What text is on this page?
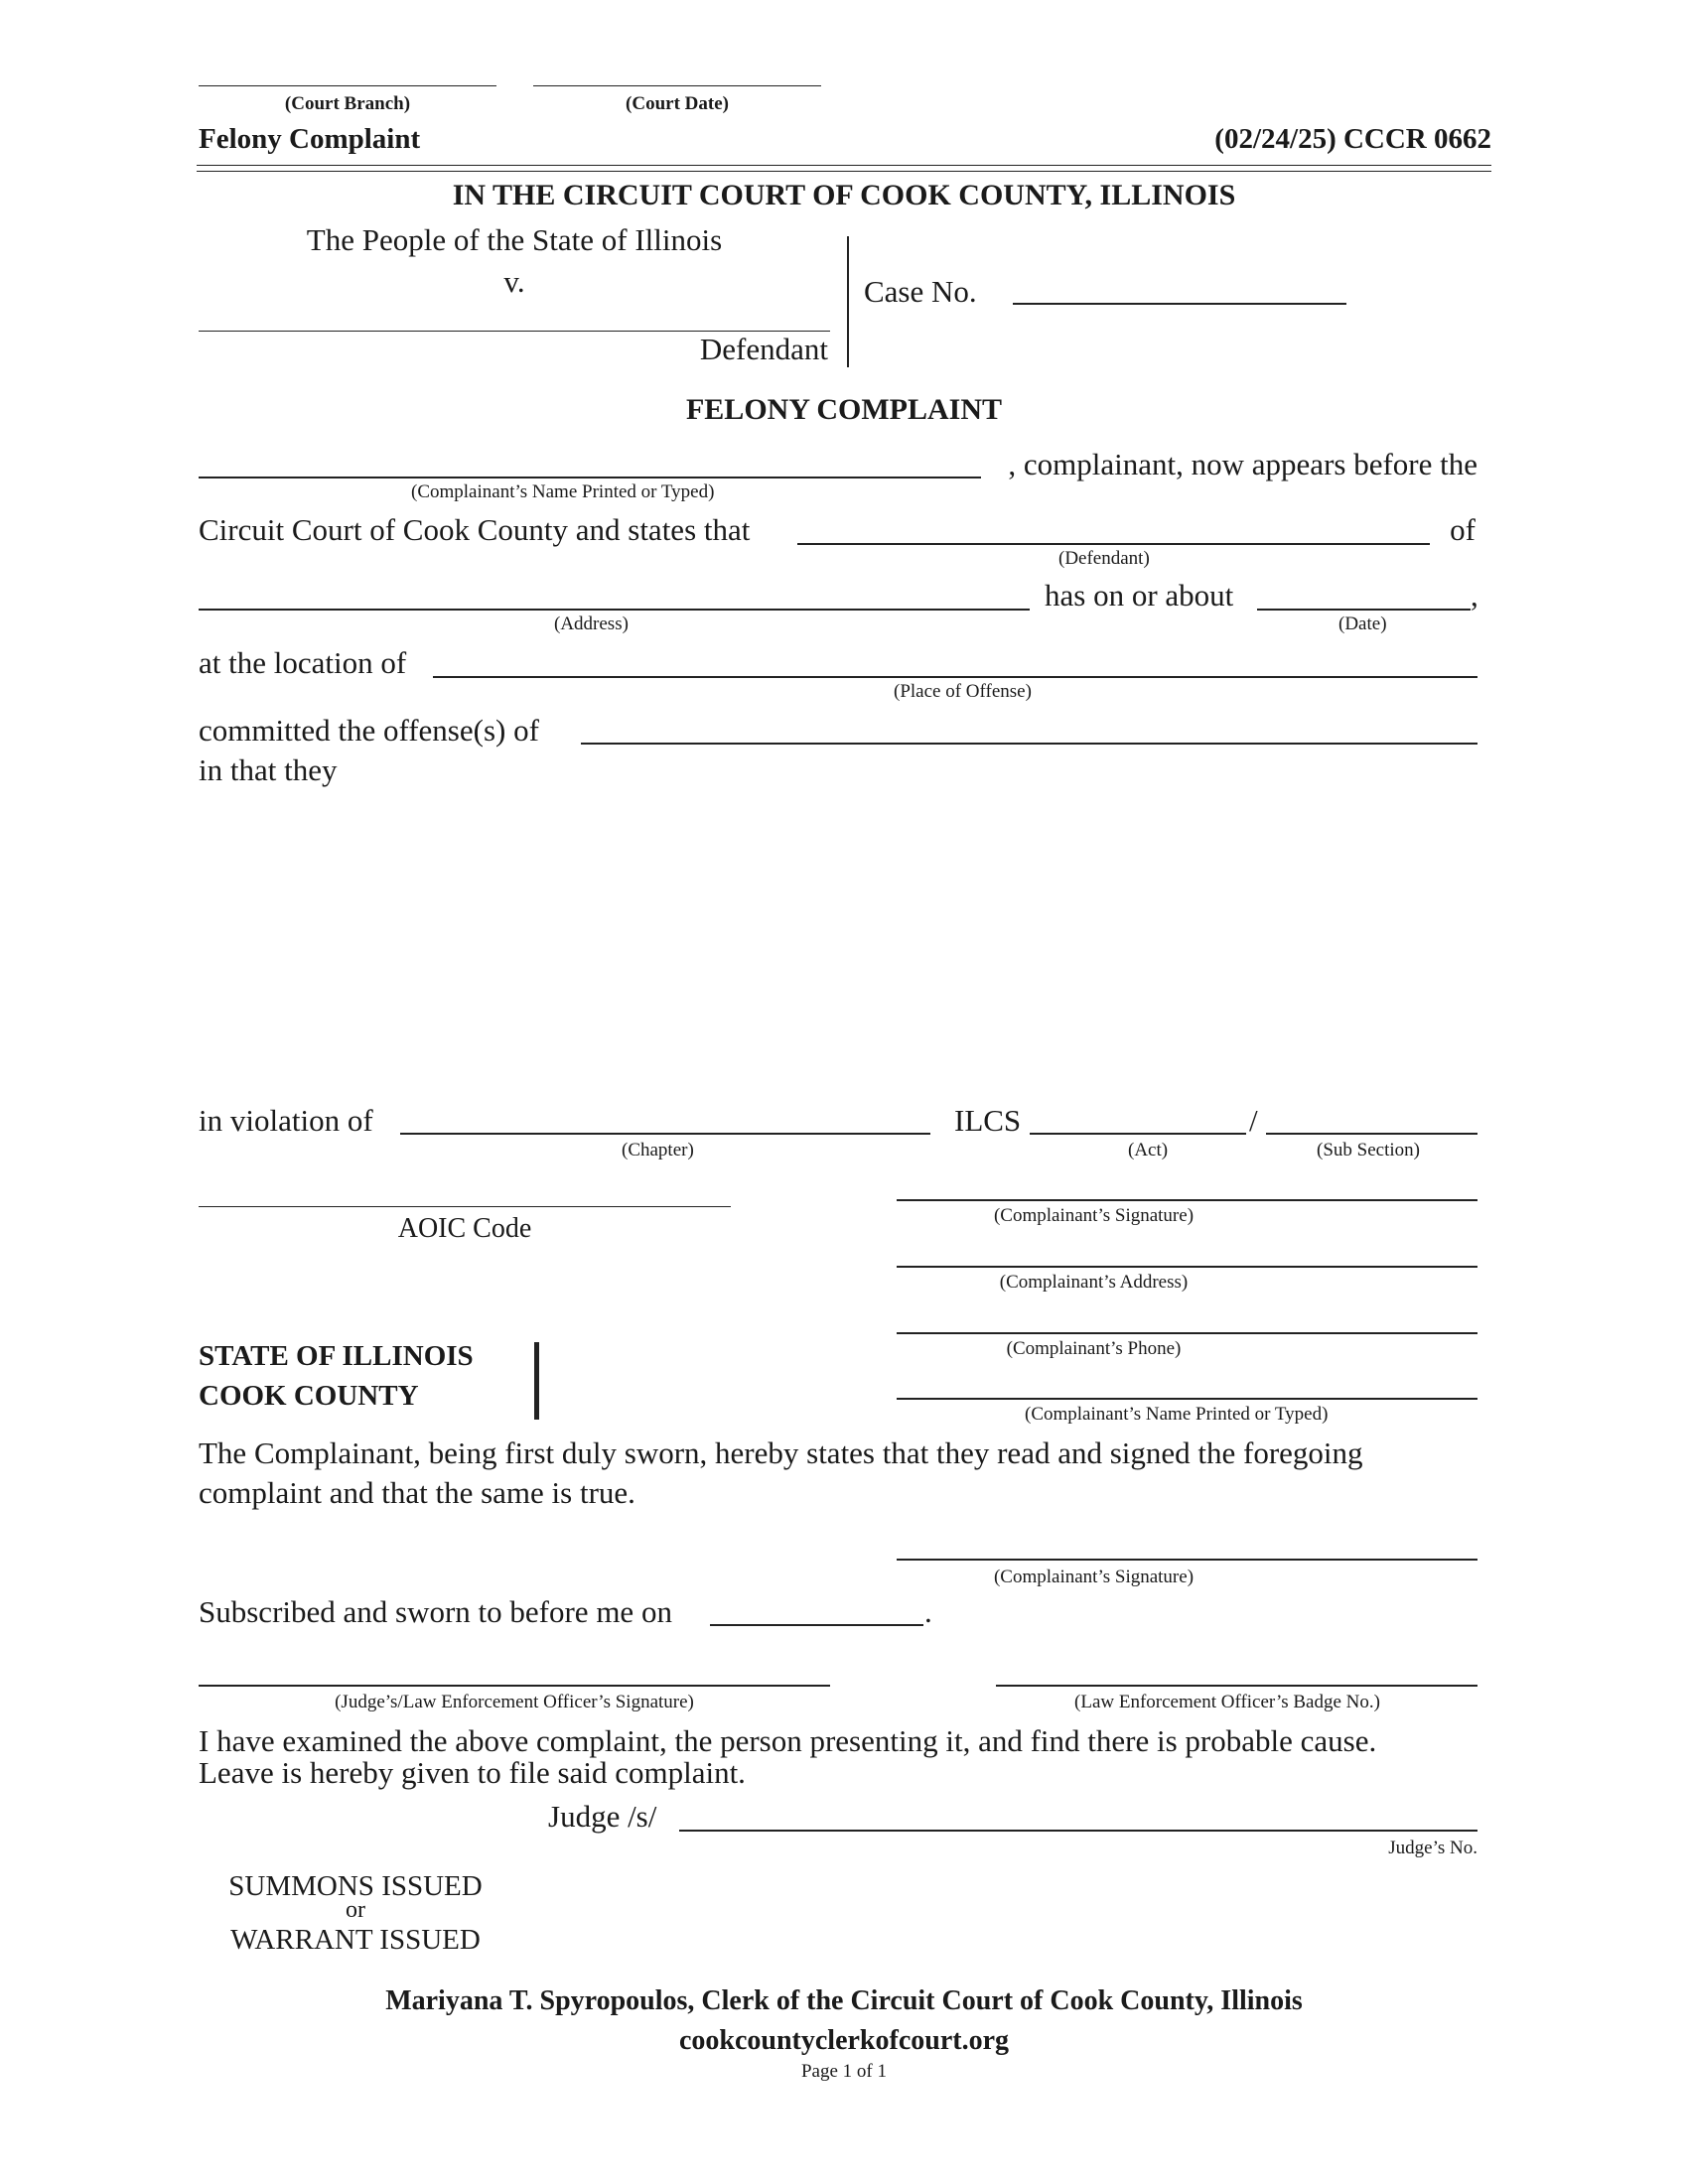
(Court Branch)	(Court Date)
Felony Complaint	(02/24/25) CCCR 0662
IN THE CIRCUIT COURT OF COOK COUNTY, ILLINOIS
The People of the State of Illinois
v.
Defendant
Case No.
FELONY COMPLAINT
, complainant, now appears before the
(Complainant’s Name Printed or Typed)
Circuit Court of Cook County and states that	of
(Defendant)
has on or about	,
(Address)	(Date)
at the location of
(Place of Offense)
committed the offense(s) of
in that they
in violation of	ILCS	/
(Chapter)	(Act)	(Sub Section)
AOIC Code	(Complainant’s Signature)
(Complainant’s Address)
(Complainant’s Phone)
(Complainant’s Name Printed or Typed)
STATE OF ILLINOIS
COOK COUNTY
The Complainant, being first duly sworn, hereby states that they read and signed the foregoing
complaint and that the same is true.
(Complainant’s Signature)
Subscribed and sworn to before me on	.
(Judge’s/Law Enforcement Officer’s Signature)	(Law Enforcement Officer’s Badge No.)
I have examined the above complaint, the person presenting it, and find there is probable cause.
Leave is hereby given to file said complaint.
Judge /s/
Judge’s No.
SUMMONS ISSUED
or
WARRANT ISSUED
Mariyana T. Spyropoulos, Clerk of the Circuit Court of Cook County, Illinois
cookcountyclerkofcourt.org
Page 1 of 1
